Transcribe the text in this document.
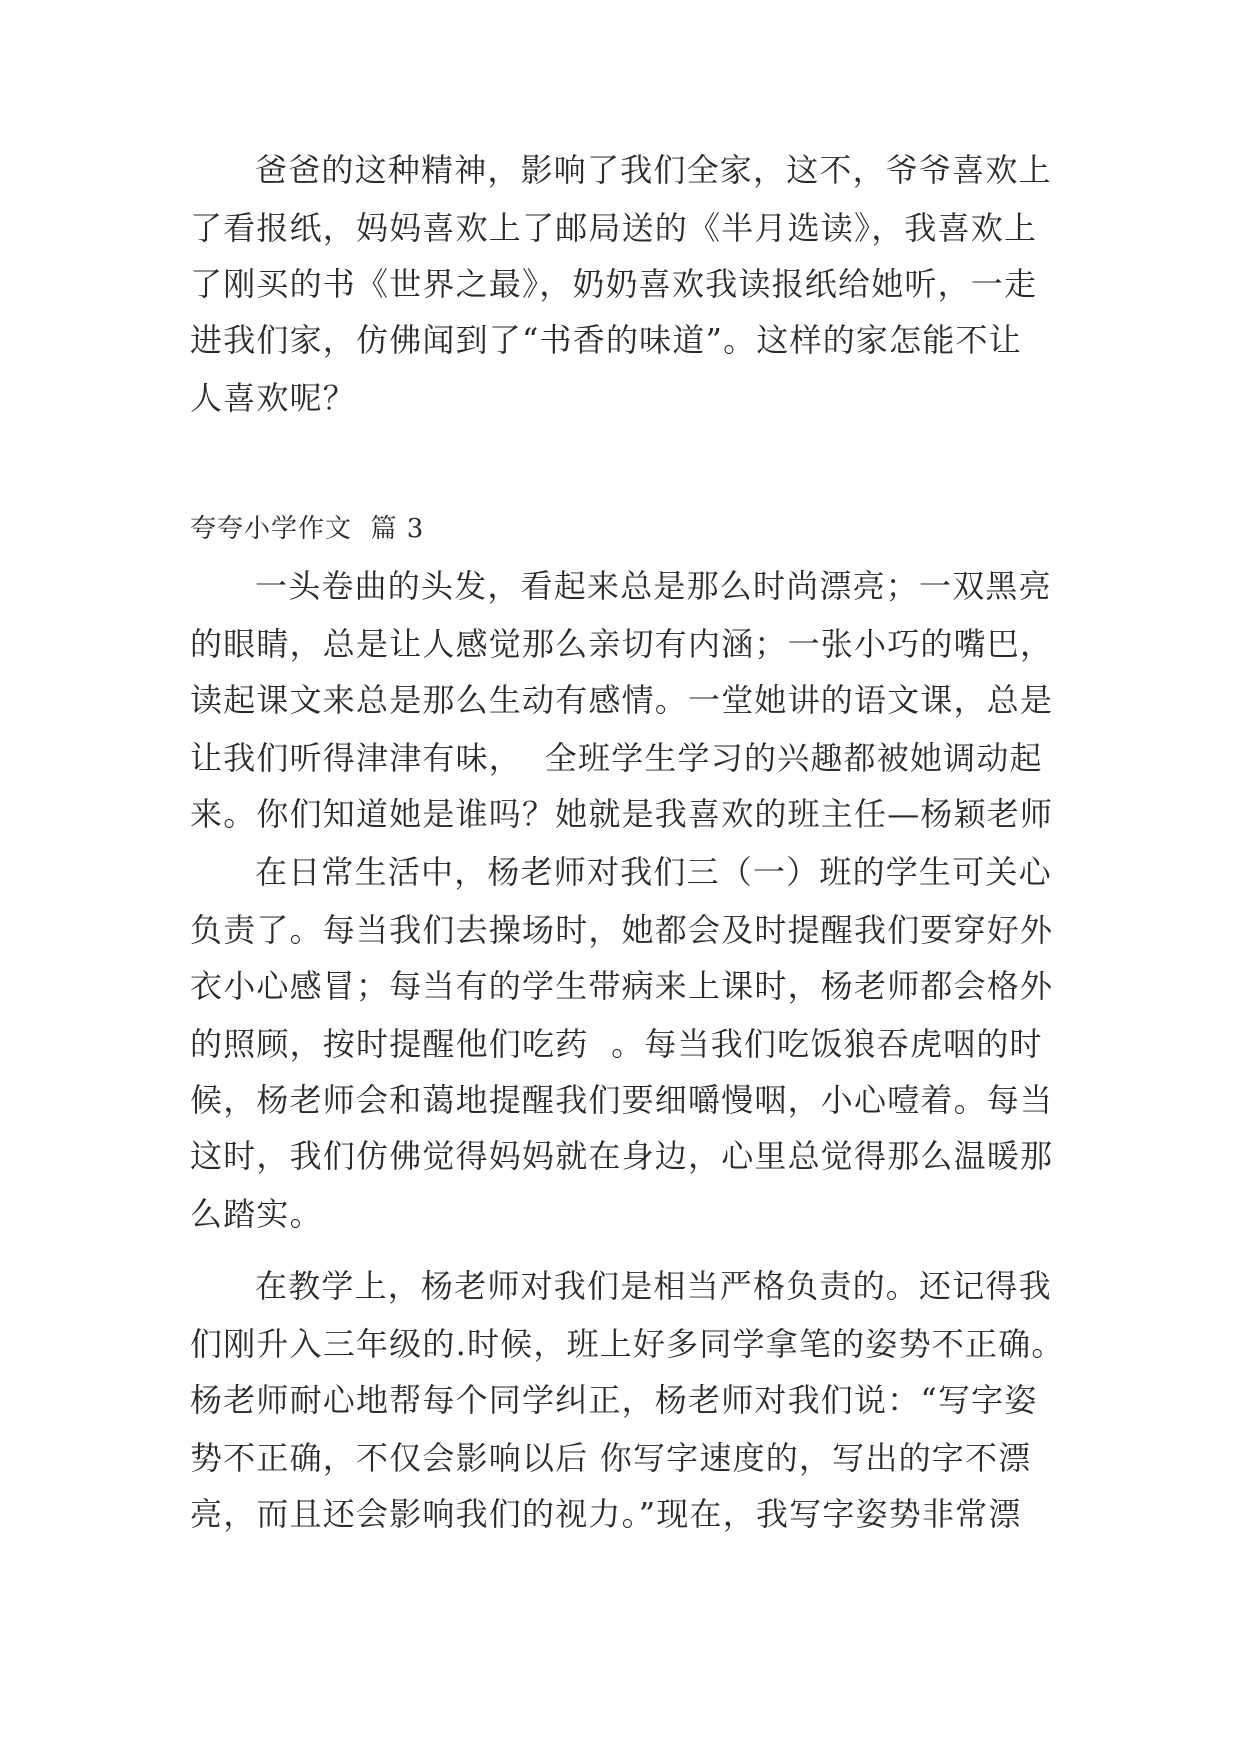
爸爸的这种精神，影响了我们全家，这不，爷爷喜欢上
了看报纸，妈妈喜欢上了邮局送的《半月选读》，我喜欢上
了刚买的书《世界之最》，奶奶喜欢我读报纸给她听，一走
进我们家，仿佛闻到了“书香的味道”。这样的家怎能不让
人喜欢呢？
夸夸小学作文  篇 3
一头卷曲的头发，看起来总是那么时尚漂亮；一双黑亮
的眼睛，总是让人感觉那么亲切有内涵；一张小巧的嘴巴，
读起课文来总是那么生动有感情。一堂她讲的语文课，总是
让我们听得津津有味，  全班学生学习的兴趣都被她调动起
来。你们知道她是谁吗？她就是我喜欢的班主任—杨颖老师
在日常生活中，杨老师对我们三（一）班的学生可关心
负责了。每当我们去操场时，她都会及时提醒我们要穿好外
衣小心感冒；每当有的学生带病来上课时，杨老师都会格外
的照顾，按时提醒他们吃药  。每当我们吃饭狼吞虎咽的时
候，杨老师会和蔼地提醒我们要细嚼慢咽，小心噎着。每当
这时，我们仿佛觉得妈妈就在身边，心里总觉得那么温暖那
么踏实。
在教学上，杨老师对我们是相当严格负责的。还记得我
们刚升入三年级的.时候，班上好多同学拿笔的姿势不正确。
杨老师耐心地帮每个同学纠正，杨老师对我们说：“写字姿
势不正确，不仅会影响以后 你写字速度的，写出的字不漂
亮，而且还会影响我们的视力。”现在，我写字姿势非常漂
